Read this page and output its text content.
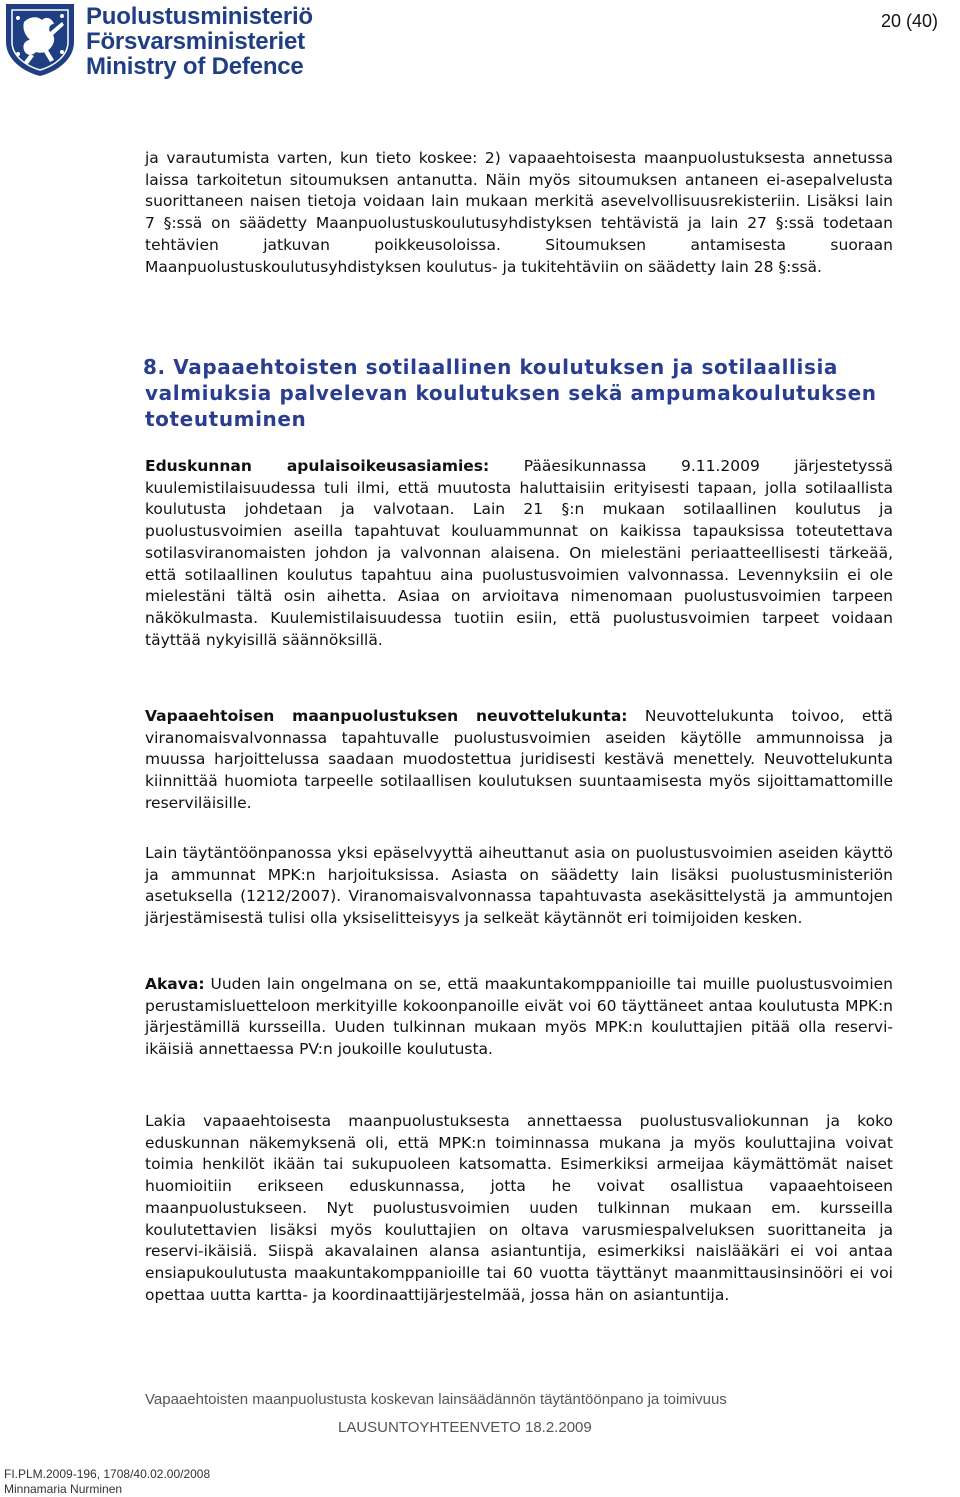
Puolustusministeriö
Försvarsministeriet
Ministry of Defence
20 (40)

ja varautumista varten, kun tieto koskee: 2) vapaaehtoisesta maanpuolustuksesta annetussa laissa tarkoitetun sitoumuksen antanutta. Näin myös sitoumuksen antaneen ei-asepalvelusta suorittaneen naisen tietoja voidaan lain mukaan merkitä asevelvollisuusrekisteriin. Lisäksi lain 7 §:ssä on säädetty Maanpuolustuskoulutusyhdistyksen tehtävistä ja lain 27 §:ssä todetaan tehtävien jatkuvan poikkeusoloissa. Sitoumuksen antamisesta suoraan Maanpuolustuskoulutusyhdistyksen koulutus- ja tukitehtäviin on säädetty lain 28 §:ssä.

8. Vapaaehtoisten sotilaallinen koulutuksen ja sotilaallisia valmiuksia palvelevan koulutuksen sekä ampumakoulutuksen toteutuminen

Eduskunnan apulaisoikeusasiamies: Pääesikunnassa 9.11.2009 järjestetyssä kuulemistilaisuudessa tuli ilmi, että muutosta haluttaisiin erityisesti tapaan, jolla sotilaallista koulutusta johdetaan ja valvotaan. Lain 21 §:n mukaan sotilaallinen koulutus ja puolustusvoimien aseilla tapahtuvat kouluammunnat on kaikissa tapauksissa toteutettava sotilasviranomaisten johdon ja valvonnan alaisena. On mielestäni periaatteellisesti tärkeää, että sotilaallinen koulutus tapahtuu aina puolustusvoimien valvonnassa. Levennyksiin ei ole mielestäni tältä osin aihetta. Asiaa on arvioitava nimenomaan puolustusvoimien tarpeen näkökulmasta. Kuulemistilaisuudessa tuotiin esiin, että puolustusvoimien tarpeet voidaan täyttää nykyisillä säännöksillä.

Vapaaehtoisen maanpuolustuksen neuvottelukunta: Neuvottelukunta toivoo, että viranomaisvalvonnassa tapahtuvalle puolustusvoimien aseiden käytölle ammunnoissa ja muussa harjoittelussa saadaan muodostettua juridisesti kestävä menettely. Neuvottelukunta kiinnittää huomiota tarpeelle sotilaallisen koulutuksen suuntaamisesta myös sijoittamattomille reserviläisille.

Lain täytäntöönpanossa yksi epäselvyyttä aiheuttanut asia on puolustusvoimien aseiden käyttö ja ammunnat MPK:n harjoituksissa. Asiasta on säädetty lain lisäksi puolustusministeriön asetuksella (1212/2007). Viranomaisvalvonnassa tapahtuvasta asekäsittelystä ja ammuntojen järjestämisestä tulisi olla yksiselitteisyys ja selkeät käytännöt eri toimijoiden kesken.

Akava: Uuden lain ongelmana on se, että maakuntakomppanioille tai muille puolustusvoimien perustamisluetteloon merkityille kokoonpanoille eivät voi 60 täyttäneet antaa koulutusta MPK:n järjestämillä kursseilla. Uuden tulkinnan mukaan myös MPK:n kouluttajien pitää olla reservi-ikäisiä annettaessa PV:n joukoille koulutusta.

Lakia vapaaehtoisesta maanpuolustuksesta annettaessa puolustusvaliokunnan ja koko eduskunnan näkemyksenä oli, että MPK:n toiminnassa mukana ja myös kouluttajina voivat toimia henkilöt ikään tai sukupuoleen katsomatta. Esimerkiksi armeijaa käymättömät naiset huomioitiin erikseen eduskunnassa, jotta he voivat osallistua vapaaehtoiseen maanpuolustukseen. Nyt puolustusvoimien uuden tulkinnan mukaan em. kursseilla koulutettavien lisäksi myös kouluttajien on oltava varusmiespalveluksen suorittaneita ja reservi-ikäisiä. Siispä akavalainen alansa asiantuntija, esimerkiksi naislääkäri ei voi antaa ensiapukoulutusta maakuntakomppanioille tai 60 vuotta täyttänyt maanmittausinsinööri ei voi opettaa uutta kartta- ja koordinaattijärjestelmää, jossa hän on asiantuntija.

Vapaaehtoisten maanpuolustusta koskevan lainsäädännön täytäntöönpano ja toimivuus
LAUSUNTOYHTEENVETO 18.2.2009
FI.PLM.2009-196, 1708/40.02.00/2008
Minnamaria Nurminen
